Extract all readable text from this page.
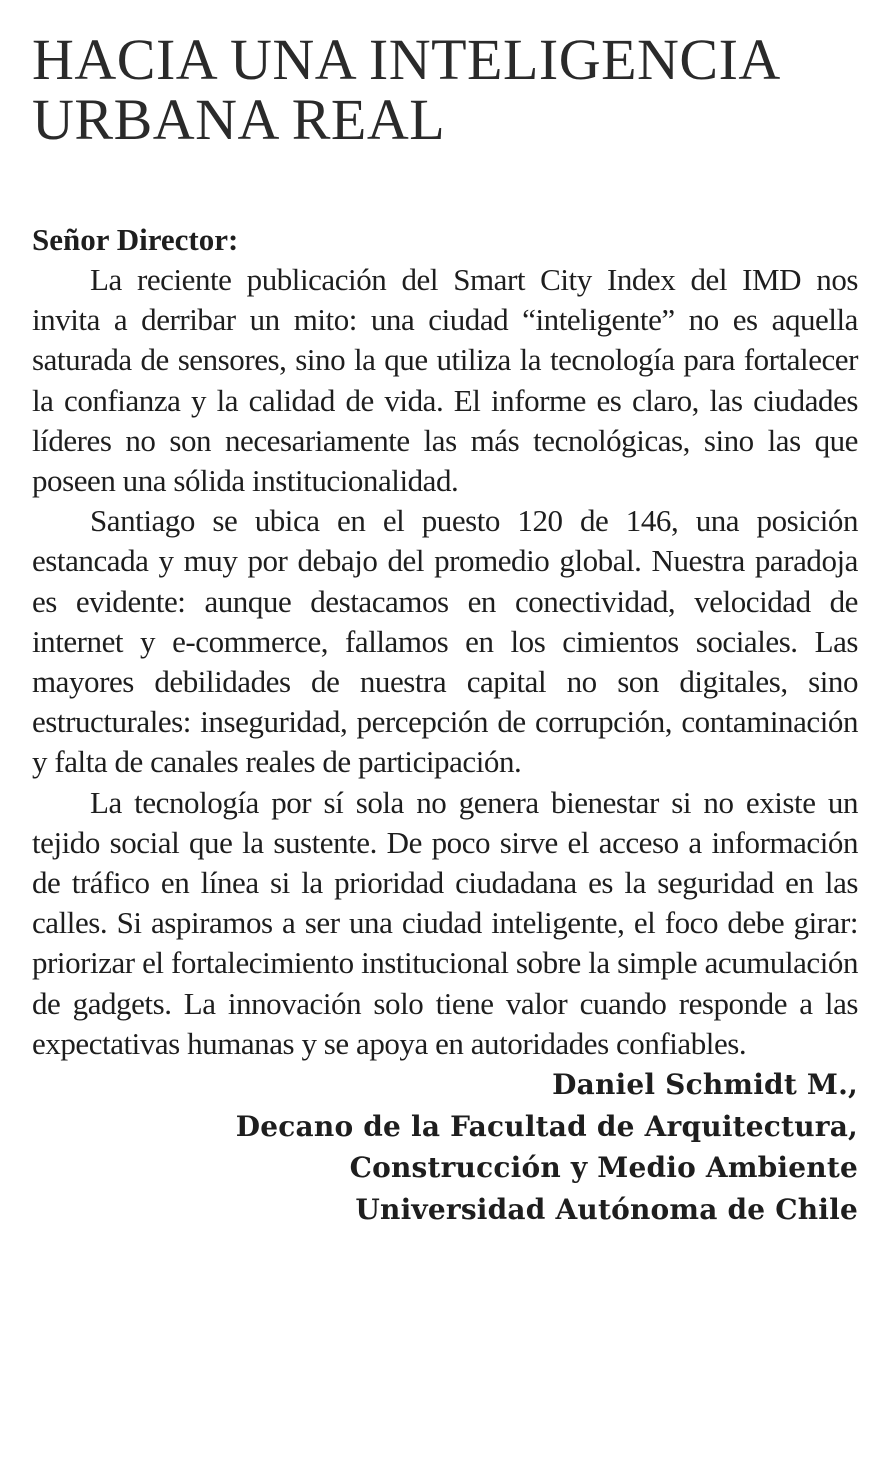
HACIA UNA INTELIGENCIA
URBANA REAL

Señor Director:

La reciente publicación del Smart City Index del IMD nos invita a derribar un mito: una ciudad “inteligente” no es aquella saturada de sensores, sino la que utiliza la tecnología para fortalecer la confianza y la calidad de vida. El informe es claro, las ciudades líderes no son necesariamente las más tecnológicas, sino las que poseen una sólida institucionalidad.

Santiago se ubica en el puesto 120 de 146, una posición estancada y muy por debajo del promedio global. Nuestra paradoja es evidente: aunque destacamos en conectividad, velocidad de internet y e-commerce, fallamos en los cimientos sociales. Las mayores debilidades de nuestra capital no son digitales, sino estructurales: inseguridad, percepción de corrupción, contaminación y falta de canales reales de participación.

La tecnología por sí sola no genera bienestar si no existe un tejido social que la sustente. De poco sirve el acceso a información de tráfico en línea si la prioridad ciudadana es la seguridad en las calles. Si aspiramos a ser una ciudad inteligente, el foco debe girar: priorizar el fortalecimiento institucional sobre la simple acumulación de gadgets. La innovación solo tiene valor cuando responde a las expectativas humanas y se apoya en autoridades confiables.

Daniel Schmidt M.,
Decano de la Facultad de Arquitectura,
Construcción y Medio Ambiente
Universidad Autónoma de Chile
